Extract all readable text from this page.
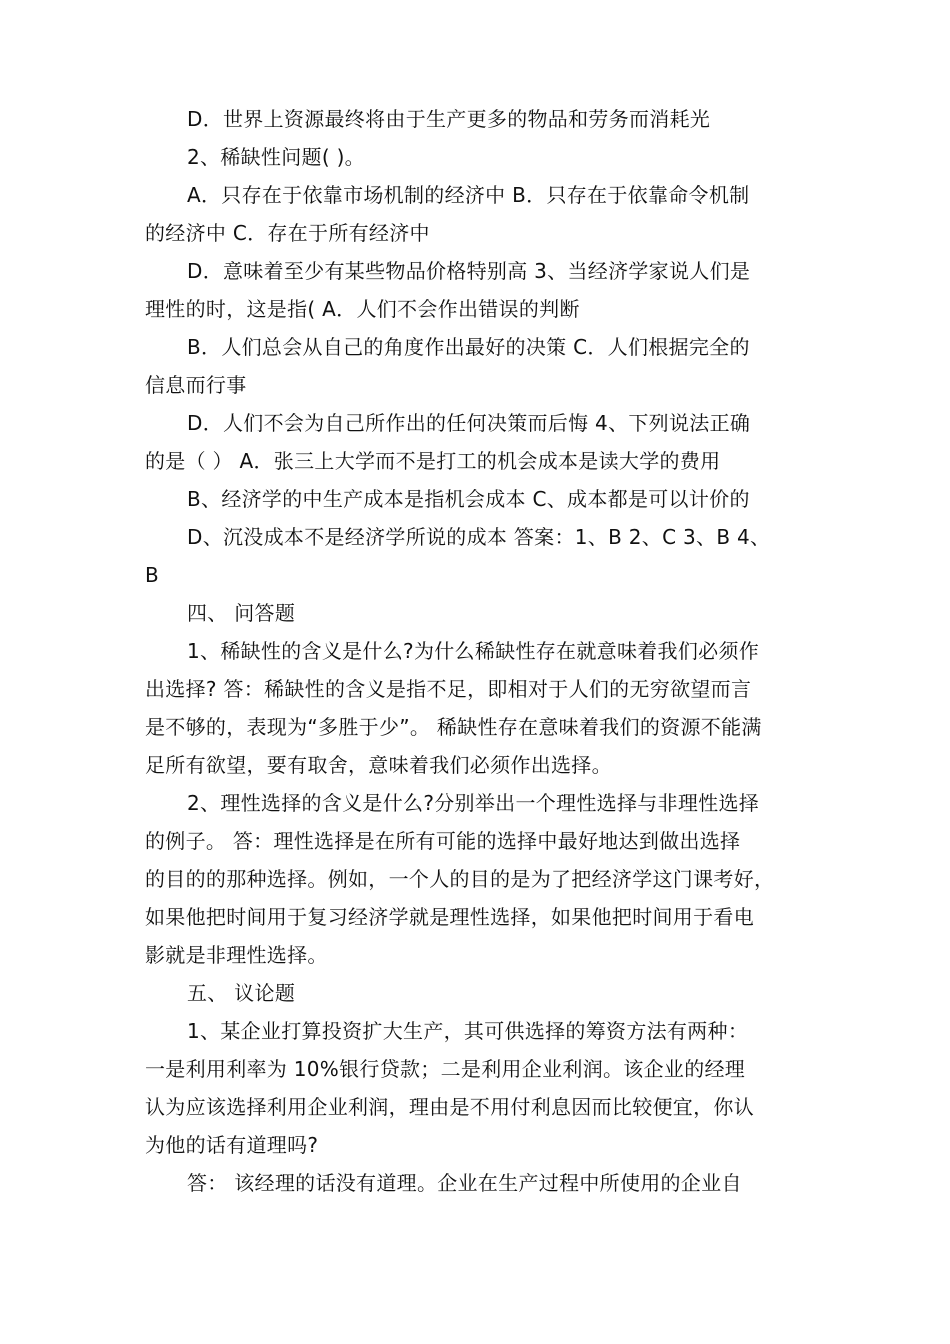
D．世界上资源最终将由于生产更多的物品和劳务而消耗光

2、稀缺性问题( )。

A．只存在于依靠市场机制的经济中 B．只存在于依靠命令机制

的经济中 C．存在于所有经济中

D．意味着至少有某些物品价格特别高 3、当经济学家说人们是

理性的时，这是指( A．人们不会作出错误的判断

B．人们总会从自己的角度作出最好的决策 C．人们根据完全的

信息而行事

D．人们不会为自己所作出的任何决策而后悔 4、下列说法正确

的是（ ） A．张三上大学而不是打工的机会成本是读大学的费用

B、经济学的中生产成本是指机会成本 C、成本都是可以计价的

D、沉没成本不是经济学所说的成本 答案：1、B 2、C 3、B 4、

B

四、 问答题

1、稀缺性的含义是什么?为什么稀缺性存在就意味着我们必须作

出选择? 答：稀缺性的含义是指不足，即相对于人们的无穷欲望而言

是不够的，表现为“多胜于少”。 稀缺性存在意味着我们的资源不能满

足所有欲望，要有取舍，意味着我们必须作出选择。

2、理性选择的含义是什么?分别举出一个理性选择与非理性选择

的例子。 答：理性选择是在所有可能的选择中最好地达到做出选择

的目的的那种选择。例如，一个人的目的是为了把经济学这门课考好，

如果他把时间用于复习经济学就是理性选择，如果他把时间用于看电

影就是非理性选择。

五、 议论题

1、某企业打算投资扩大生产，其可供选择的筹资方法有两种：

一是利用利率为 10%银行贷款；二是利用企业利润。该企业的经理

认为应该选择利用企业利润，理由是不用付利息因而比较便宜，你认

为他的话有道理吗?

答： 该经理的话没有道理。企业在生产过程中所使用的企业自
